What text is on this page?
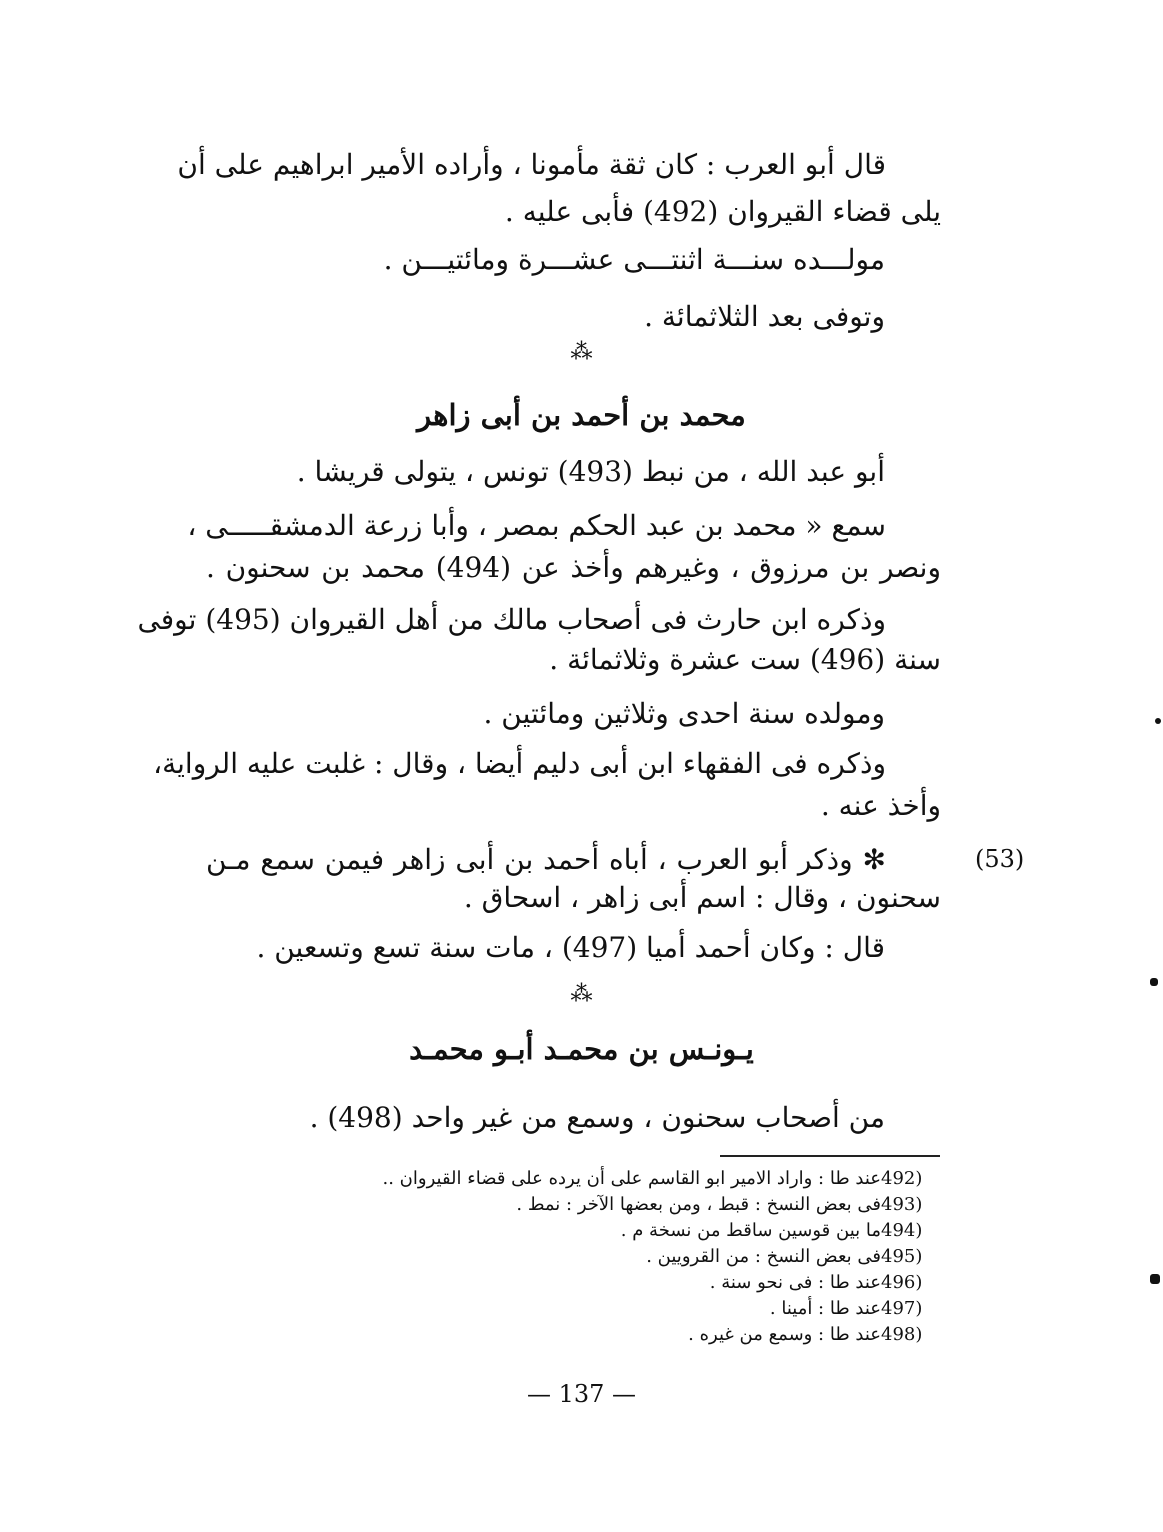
قال أبو العرب : كان ثقة مأمونا ، وأراده الأمير ابراهيم على أن
يلى قضاء القيروان (492) فأبى عليه .
مولـــده سنـــة اثنتـــى عشـــرة ومائتيـــن .
وتوفى بعد الثلاثمائة .
⁂
محمد بن أحمد بن أبى زاهر
أبو عبد الله ، من نبط (493) تونس ، يتولى قريشا .
سمع « محمد بن عبد الحكم بمصر ، وأبا زرعة الدمشقـــــى ،
ونصر بن مرزوق ، وغيرهم وأخذ عن (494) محمد بن سحنون .
وذكره ابن حارث فى أصحاب مالك من أهل القيروان (495) توفى
سنة (496) ست عشرة وثلاثمائة .
ومولده سنة احدى وثلاثين ومائتين .
وذكره فى الفقهاء ابن أبى دليم أيضا ، وقال : غلبت عليه الرواية،
وأخذ عنه .
(53)
✻ وذكر أبو العرب ، أباه أحمد بن أبى زاهر فيمن سمع مـن
سحنون ، وقال : اسم أبى زاهر ، اسحاق .
قال : وكان أحمد أميا (497) ، مات سنة تسع وتسعين .
⁂
يـونـس بن محمـد أبـو محمـد
من أصحاب سحنون ، وسمع من غير واحد (498) .
492)عند طا : واراد الامير ابو القاسم على أن يرده على قضاء القيروان ..
493)فى بعض النسخ : قبط ، ومن بعضها الآخر : نمط .
494)ما بين قوسين ساقط من نسخة م .
495)فى بعض النسخ : من القرويين .
496)عند طا : فى نحو سنة .
497)عند طا : أمينا .
498)عند طا : وسمع من غيره .
— 137 —
